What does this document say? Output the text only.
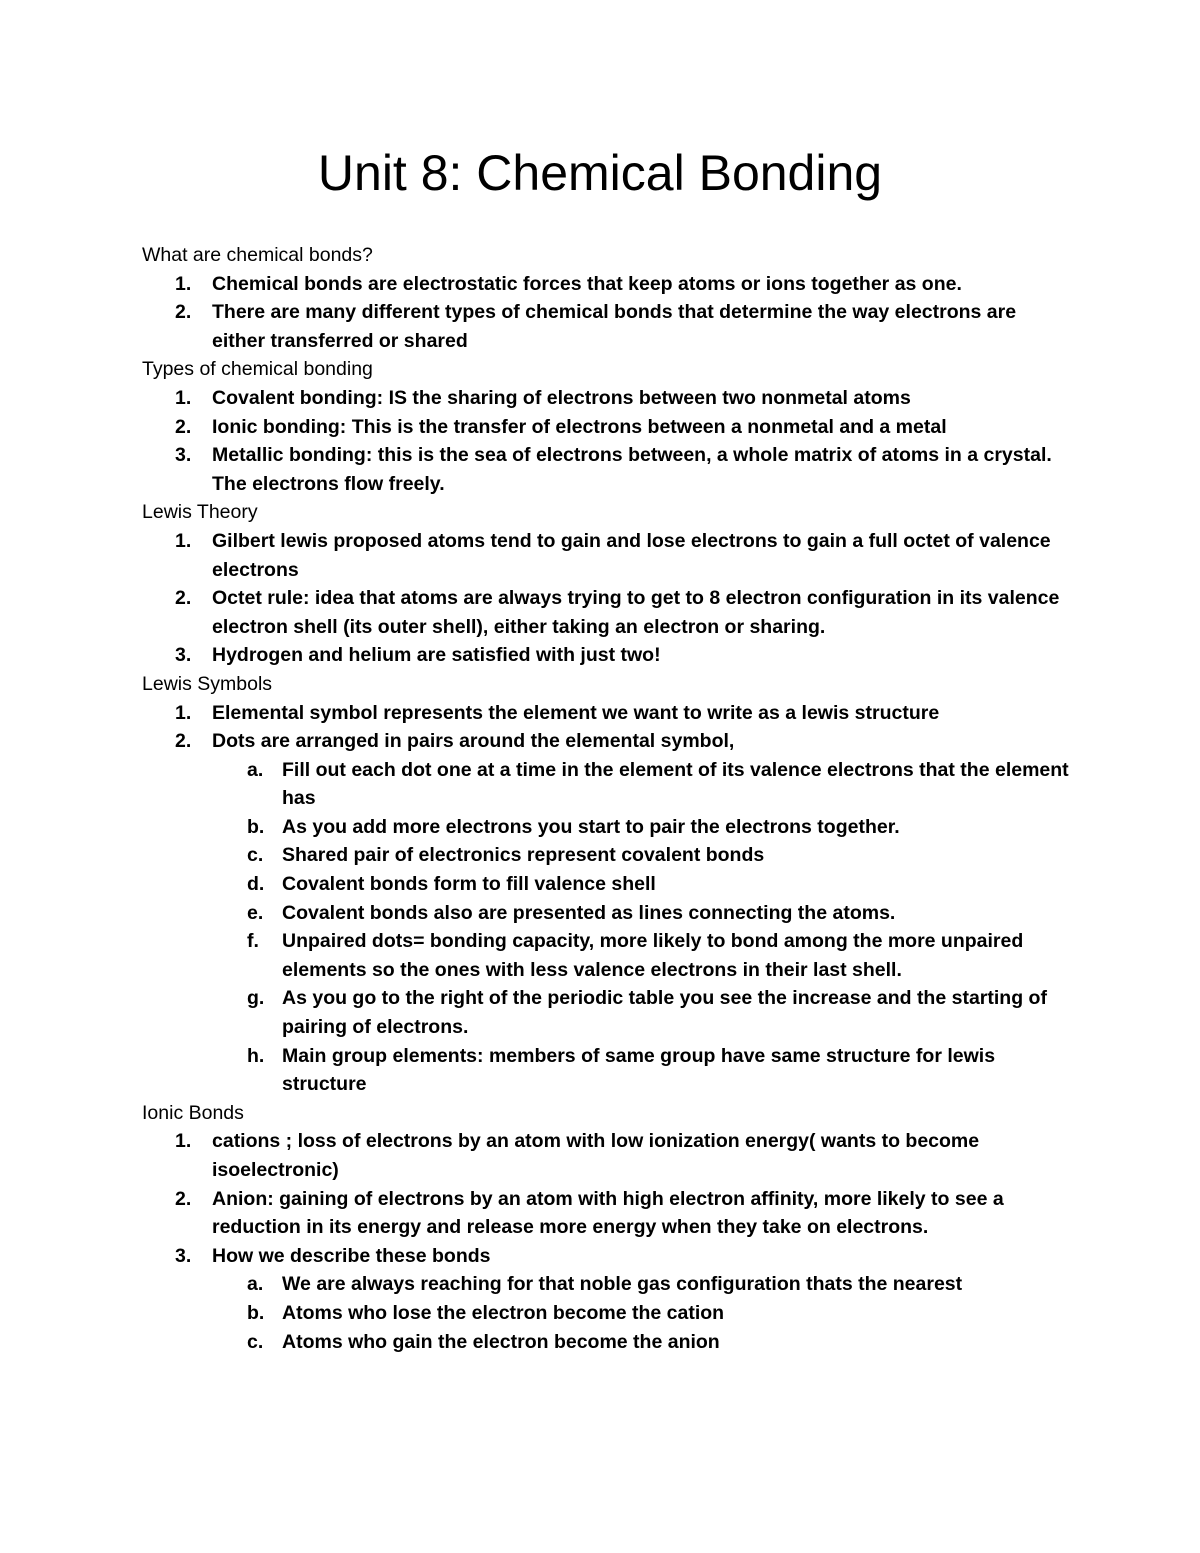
Unit 8: Chemical Bonding
What are chemical bonds?
1. Chemical bonds are electrostatic forces that keep atoms or ions together as one.
2. There are many different types of chemical bonds that determine the way electrons are either transferred or shared
Types of chemical bonding
1. Covalent bonding: IS the sharing of electrons between two nonmetal atoms
2. Ionic bonding: This is the transfer of electrons between a nonmetal and a metal
3. Metallic bonding: this is the sea of electrons between, a whole matrix of atoms in a crystal. The electrons flow freely.
Lewis Theory
1. Gilbert lewis proposed atoms tend to gain and lose electrons to gain a full octet of valence electrons
2. Octet rule: idea that atoms are always trying to get to 8 electron configuration in its valence electron shell (its outer shell), either taking an electron or sharing.
3. Hydrogen and helium are satisfied with just two!
Lewis Symbols
1. Elemental symbol represents the element we want to write as a lewis structure
2. Dots are arranged in pairs around the elemental symbol,
a. Fill out each dot one at a time in the element of its valence electrons that the element has
b. As you add more electrons you start to pair the electrons together.
c. Shared pair of electronics represent covalent bonds
d. Covalent bonds form to fill valence shell
e. Covalent bonds also are presented as lines connecting the atoms.
f. Unpaired dots= bonding capacity, more likely to bond among the more unpaired elements so the ones with less valence electrons in their last shell.
g. As you go to the right of the periodic table you see the increase and the starting of pairing of electrons.
h. Main group elements: members of same group have same structure for lewis structure
Ionic Bonds
1. cations ; loss of electrons by an atom with low ionization energy( wants to become isoelectronic)
2. Anion: gaining of electrons by an atom with high electron affinity, more likely to see a reduction in its energy and release more energy when they take on electrons.
3. How we describe these bonds
a. We are always reaching for that noble gas configuration thats the nearest
b. Atoms who lose the electron become the cation
c. Atoms who gain the electron become the anion
